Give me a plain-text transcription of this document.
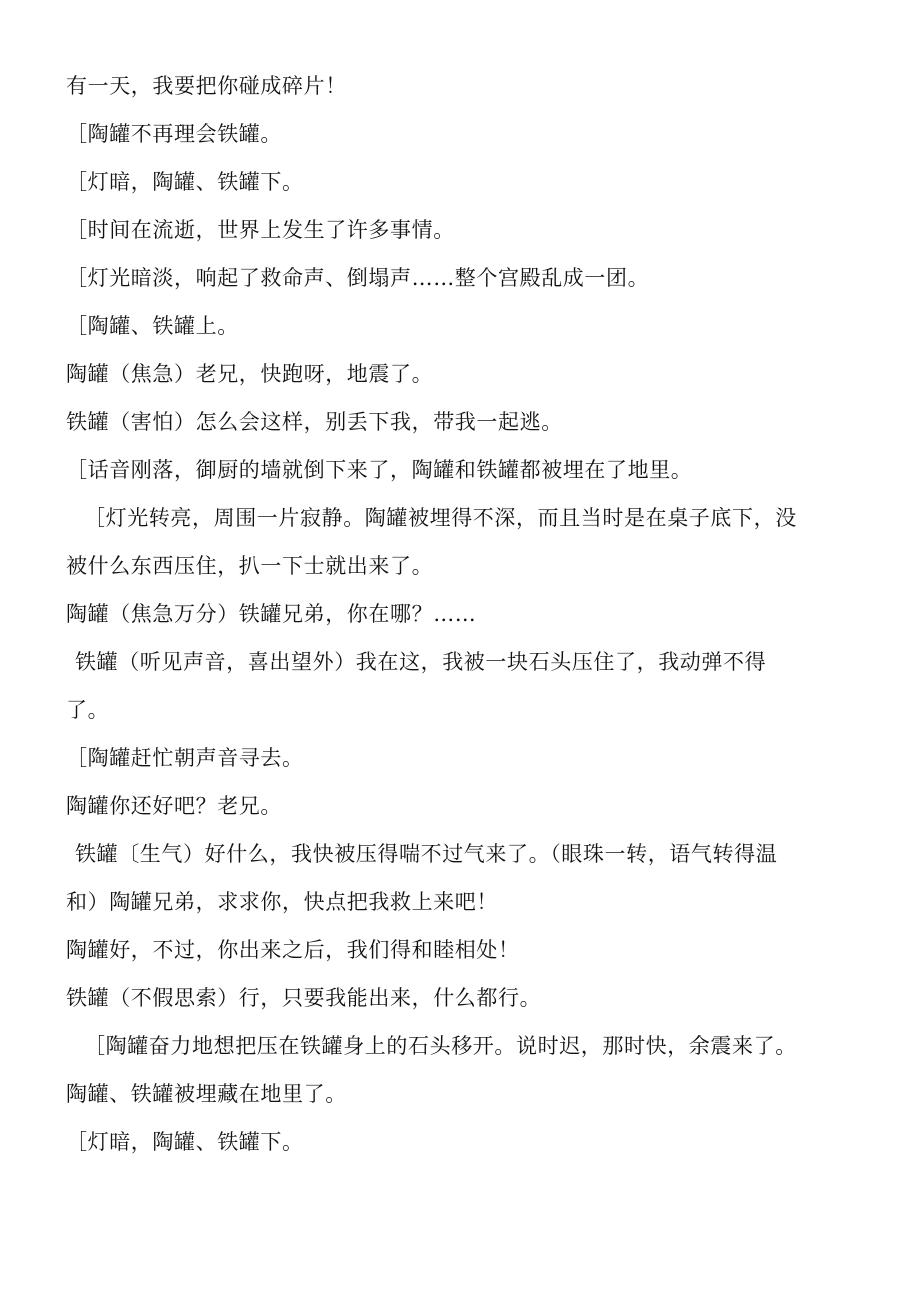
有一天，我要把你碰成碎片！
［陶罐不再理会铁罐。
［灯暗，陶罐、铁罐下。
［时间在流逝，世界上发生了许多事情。
［灯光暗淡，响起了救命声、倒塌声……整个宫殿乱成一团。
［陶罐、铁罐上。
陶罐（焦急）老兄，快跑呀，地震了。
铁罐（害怕）怎么会这样，别丢下我，带我一起逃。
［话音刚落，御厨的墙就倒下来了，陶罐和铁罐都被埋在了地里。
［灯光转亮，周围一片寂静。陶罐被埋得不深，而且当时是在桌子底下，没
被什么东西压住，扒一下士就出来了。
陶罐（焦急万分）铁罐兄弟，你在哪？……
铁罐（听见声音，喜出望外）我在这，我被一块石头压住了，我动弹不得
了。
［陶罐赶忙朝声音寻去。
陶罐你还好吧？老兄。
铁罐〔生气）好什么，我快被压得喘不过气来了。（眼珠一转，语气转得温
和）陶罐兄弟，求求你，快点把我救上来吧！
陶罐好，不过，你出来之后，我们得和睦相处！
铁罐（不假思索）行，只要我能出来，什么都行。
［陶罐奋力地想把压在铁罐身上的石头移开。说时迟，那时快，余震来了。
陶罐、铁罐被埋藏在地里了。
［灯暗，陶罐、铁罐下。
